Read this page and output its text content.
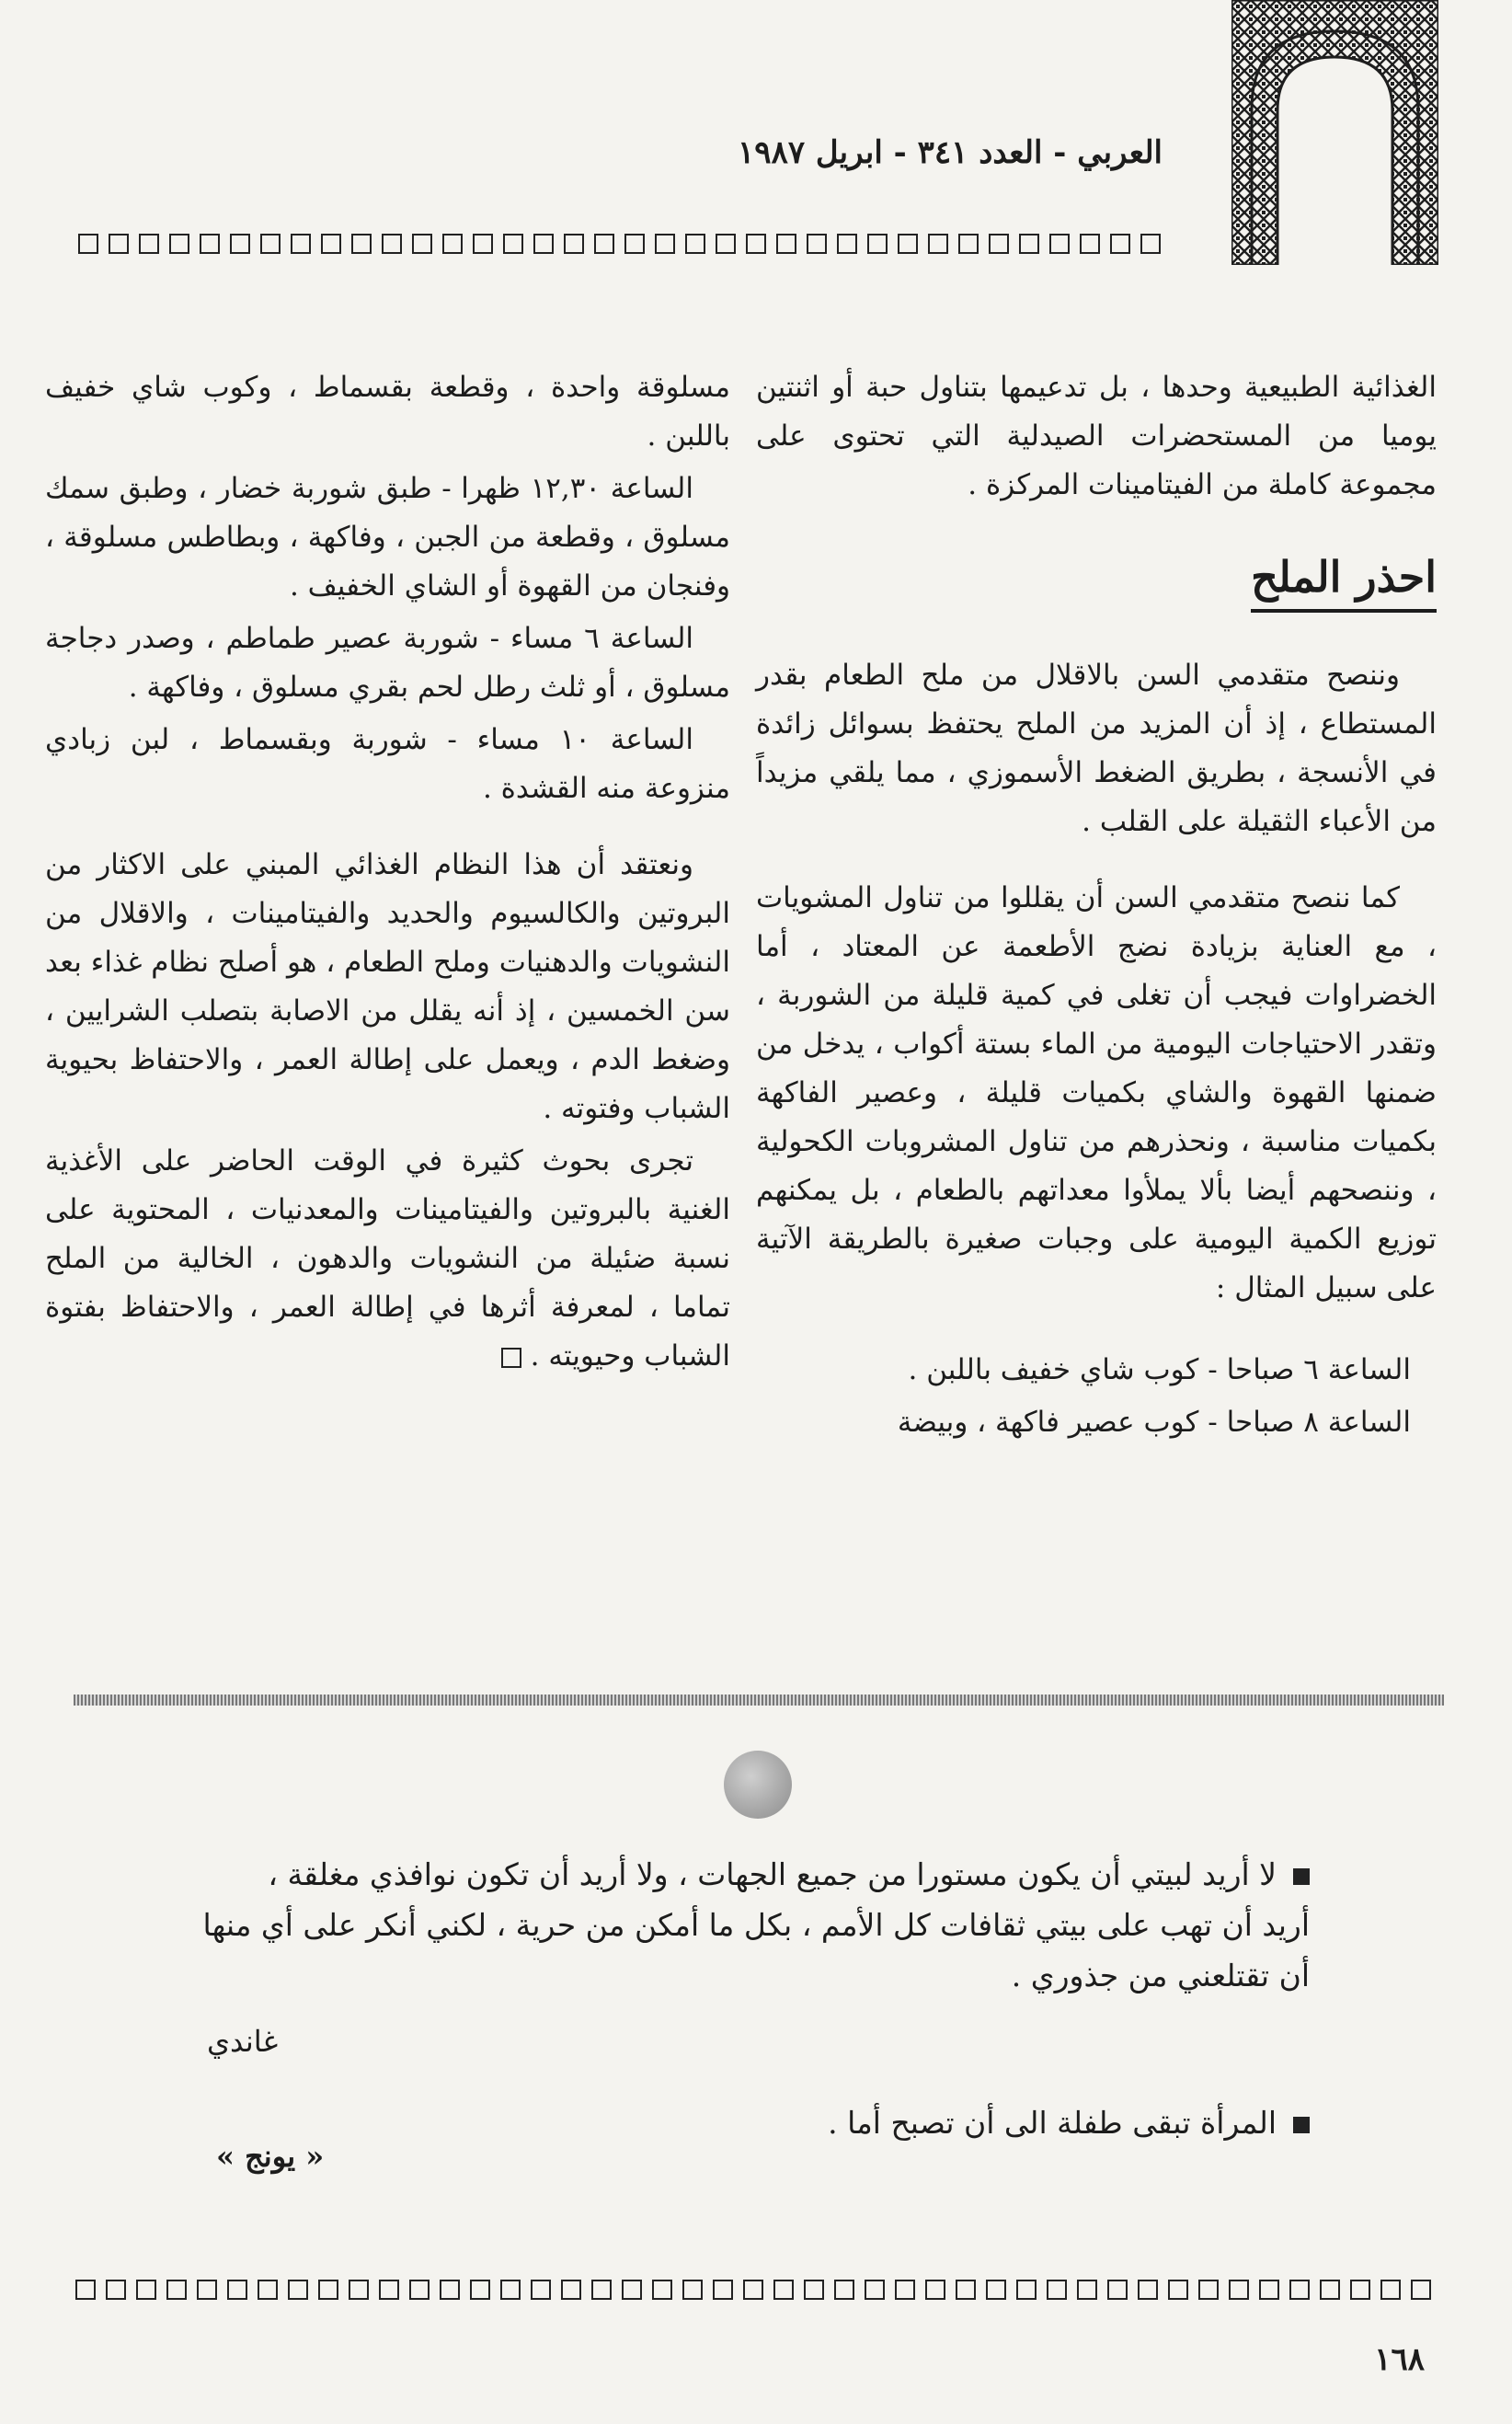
العربي - العدد ٣٤١ - ابريل ١٩٨٧

الغذائية الطبيعية وحدها ، بل تدعيمها بتناول حبة أو اثنتين يوميا من المستحضرات الصيدلية التي تحتوى على مجموعة كاملة من الفيتامينات المركزة .

احذر الملح

وننصح متقدمي السن بالاقلال من ملح الطعام بقدر المستطاع ، إذ أن المزيد من الملح يحتفظ بسوائل زائدة في الأنسجة ، بطريق الضغط الأسموزي ، مما يلقي مزيداً من الأعباء الثقيلة على القلب .

كما ننصح متقدمي السن أن يقللوا من تناول المشويات ، مع العناية بزيادة نضج الأطعمة عن المعتاد ، أما الخضراوات فيجب أن تغلى في كمية قليلة من الشوربة ، وتقدر الاحتياجات اليومية من الماء بستة أكواب ، يدخل من ضمنها القهوة والشاي بكميات قليلة ، وعصير الفاكهة بكميات مناسبة ، ونحذرهم من تناول المشروبات الكحولية ، وننصحهم أيضا بألا يملأوا معداتهم بالطعام ، بل يمكنهم توزيع الكمية اليومية على وجبات صغيرة بالطريقة الآتية على سبيل المثال :

الساعة ٦ صباحا - كوب شاي خفيف باللبن .

الساعة ٨ صباحا - كوب عصير فاكهة ، وبيضة

مسلوقة واحدة ، وقطعة بقسماط ، وكوب شاي خفيف باللبن .

الساعة ١٢,٣٠ ظهرا - طبق شوربة خضار ، وطبق سمك مسلوق ، وقطعة من الجبن ، وفاكهة ، وبطاطس مسلوقة ، وفنجان من القهوة أو الشاي الخفيف .

الساعة ٦ مساء - شوربة عصير طماطم ، وصدر دجاجة مسلوق ، أو ثلث رطل لحم بقري مسلوق ، وفاكهة .

الساعة ١٠ مساء - شوربة وبقسماط ، لبن زبادي منزوعة منه القشدة .

ونعتقد أن هذا النظام الغذائي المبني على الاكثار من البروتين والكالسيوم والحديد والفيتامينات ، والاقلال من النشويات والدهنيات وملح الطعام ، هو أصلح نظام غذاء بعد سن الخمسين ، إذ أنه يقلل من الاصابة بتصلب الشرايين ، وضغط الدم ، ويعمل على إطالة العمر ، والاحتفاظ بحيوية الشباب وفتوته .

تجرى بحوث كثيرة في الوقت الحاضر على الأغذية الغنية بالبروتين والفيتامينات والمعدنيات ، المحتوية على نسبة ضئيلة من النشويات والدهون ، الخالية من الملح تماما ، لمعرفة أثرها في إطالة العمر ، والاحتفاظ بفتوة الشباب وحيويته .

لا أريد لبيتي أن يكون مستورا من جميع الجهات ، ولا أريد أن تكون نوافذي مغلقة ،

أريد أن تهب على بيتي ثقافات كل الأمم ، بكل ما أمكن من حرية ، لكني أنكر على أي منها

أن تقتلعني من جذوري .

غاندي
المرأة تبقى طفلة الى أن تصبح أما .
« يونج »
١٦٨
